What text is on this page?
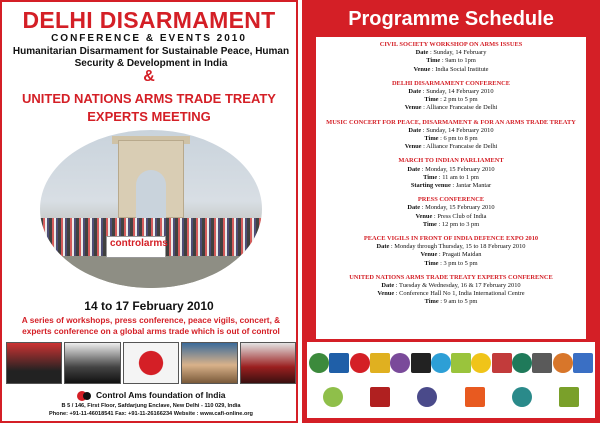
DELHI DISARMAMENT
CONFERENCE & EVENTS 2010
Humanitarian Disarmament for Sustainable Peace, Human Security & Development in India
&
UNITED NATIONS ARMS TRADE TREATY EXPERTS MEETING
controlarms
14 to 17 February 2010
A series of workshops, press conference, peace vigils, concert, & experts conference on a global arms trade which is out of control
Control Ams foundation of India
B 5 / 146, First Floor, Safdarjung Enclave, New Delhi - 110 029, India
Phone: +91-11-46018541 Fax: +91-11-26166234 Website : www.cafi-online.org
Programme Schedule
CIVIL SOCIETY WORKSHOP ON ARMS ISSUES
Date : Sunday, 14 February
Time : 9am to 1pm
Venue : India Social Institute
DELHI DISARMAMENT CONFERENCE
Date : Sunday, 14 February 2010
Time : 2 pm to 5 pm
Venue : Alliance Francaise de Delhi
MUSIC CONCERT FOR PEACE, DISARMAMENT & FOR AN ARMS TRADE TREATY
Date : Sunday, 14 February 2010
Time : 6 pm to 8 pm
Venue : Alliance Francaise de Delhi
MARCH TO INDIAN PARLIAMENT
Date : Monday, 15 February 2010
Time : 11 am to 1 pm
Starting venue : Jantar Mantar
PRESS CONFERENCE
Date : Monday, 15 February 2010
Venue : Press Club of India
Time : 12 pm to 3 pm
PEACE VIGILS IN FRONT OF INDIA DEFENCE EXPO 2010
Date : Monday through Thursday, 15 to 18 February 2010
Venue : Pragati Maidan
Time : 3 pm to 5 pm
UNITED NATIONS ARMS TRADE TREATY EXPERTS CONFERENCE
Date : Tuesday & Wednesday, 16 & 17 February 2010
Venue : Conference Hall No 1, India International Centre
Time : 9 am to 5 pm
